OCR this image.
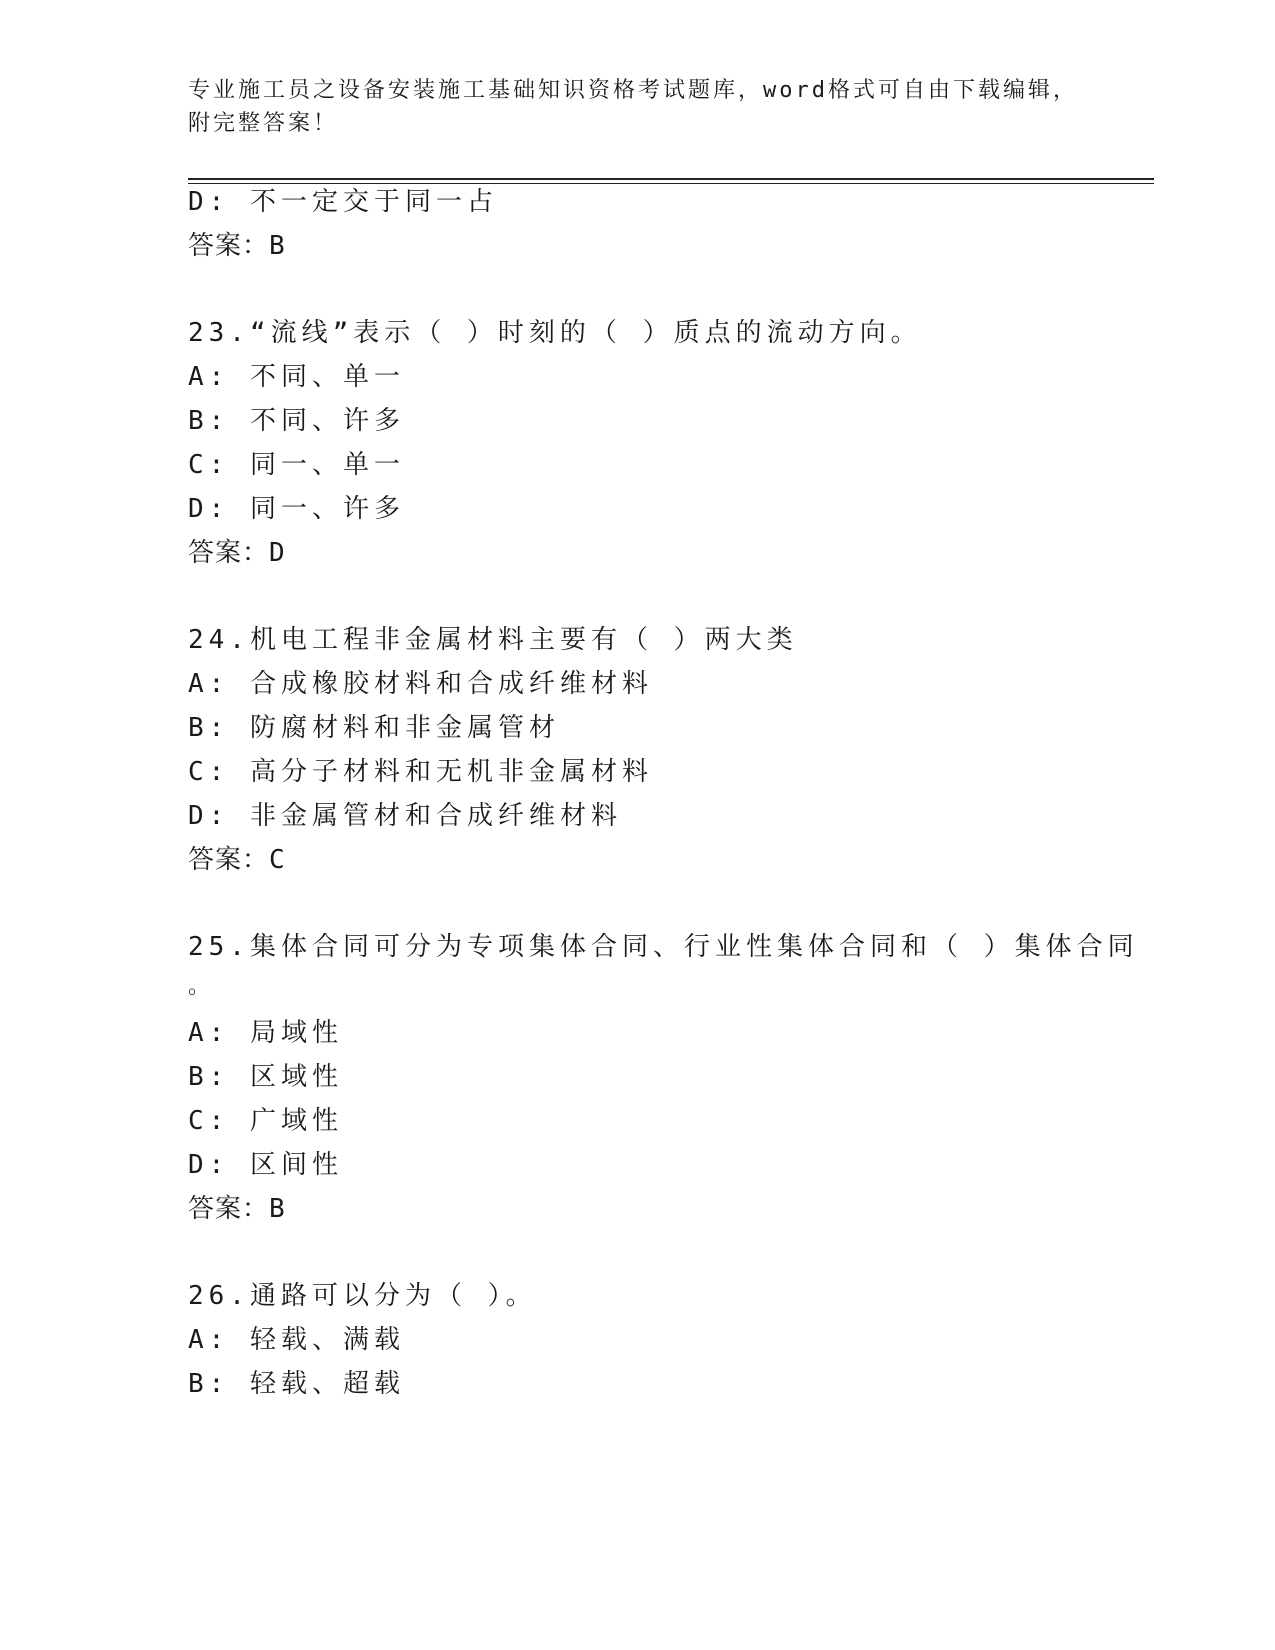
专业施工员之设备安装施工基础知识资格考试题库，word格式可自由下载编辑，
附完整答案！
D: 不一定交于同一占
答案：B
23.“流线”表示（ ）时刻的（ ）质点的流动方向。
A: 不同、单一
B: 不同、许多
C: 同一、单一
D: 同一、许多
答案：D
24.机电工程非金属材料主要有（ ）两大类
A: 合成橡胶材料和合成纤维材料
B: 防腐材料和非金属管材
C: 高分子材料和无机非金属材料
D: 非金属管材和合成纤维材料
答案：C
25.集体合同可分为专项集体合同、行业性集体合同和（ ）集体合同
。
A: 局域性
B: 区域性
C: 广域性
D: 区间性
答案：B
26.通路可以分为（ ）。
A: 轻载、满载
B: 轻载、超载
